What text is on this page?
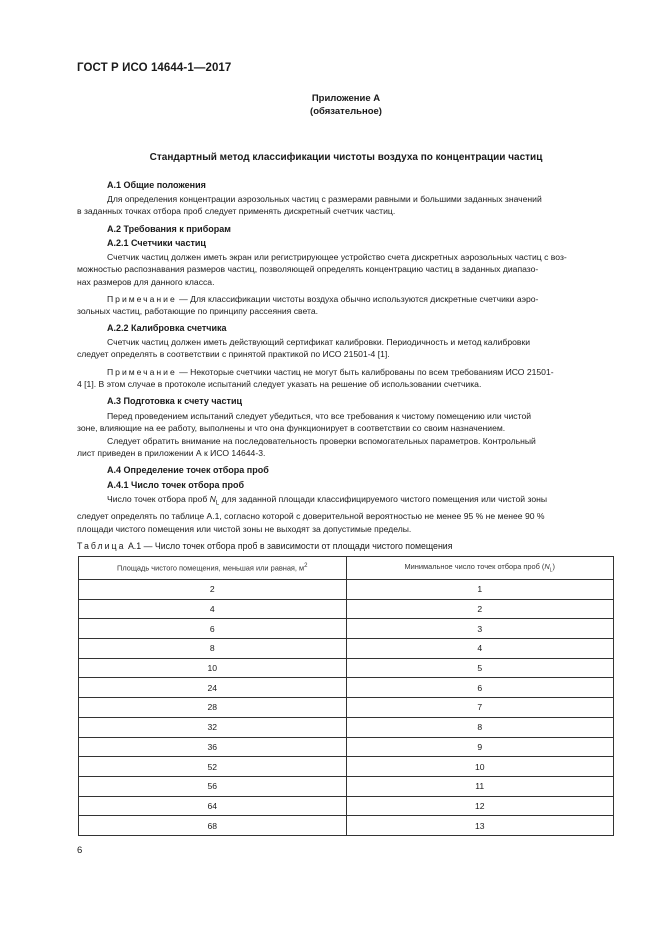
ГОСТ Р ИСО 14644-1—2017
Приложение А
(обязательное)
Стандартный метод классификации чистоты воздуха по концентрации частиц
А.1 Общие положения
Для определения концентрации аэрозольных частиц с размерами равными и большими заданных значений
в заданных точках отбора проб следует применять дискретный счетчик частиц.
А.2 Требования к приборам
А.2.1 Счетчики частиц
Счетчик частиц должен иметь экран или регистрирующее устройство счета дискретных аэрозольных частиц с воз-
можностью распознавания размеров частиц, позволяющей определять концентрацию частиц в заданных диапазо-
нах размеров для данного класса.
Примечание — Для классификации чистоты воздуха обычно используются дискретные счетчики аэро-
зольных частиц, работающие по принципу рассеяния света.
А.2.2 Калибровка счетчика
Счетчик частиц должен иметь действующий сертификат калибровки. Периодичность и метод калибровки
следует определять в соответствии с принятой практикой по ИСО 21501-4 [1].
Примечание — Некоторые счетчики частиц не могут быть калиброваны по всем требованиям ИСО 21501-
4 [1]. В этом случае в протоколе испытаний следует указать на решение об использовании счетчика.
А.3 Подготовка к счету частиц
Перед проведением испытаний следует убедиться, что все требования к чистому помещению или чистой
зоне, влияющие на ее работу, выполнены и что она функционирует в соответствии со своим назначением.
Следует обратить внимание на последовательность проверки вспомогательных параметров. Контрольный
лист приведен в приложении А к ИСО 14644-3.
А.4 Определение точек отбора проб
А.4.1 Число точек отбора проб
Число точек отбора проб $N_L$ для заданной площади классифицируемого чистого помещения или чистой зоны
следует определять по таблице А.1, согласно которой с доверительной вероятностью не менее 95 % не менее 90 %
площади чистого помещения или чистой зоны не выходят за допустимые пределы.
Таблица А.1 — Число точек отбора проб в зависимости от площади чистого помещения
Площадь чистого помещения, меньшая или равная, $м^2$	Минимальное число точек отбора проб $(N_L)$
2	1
4	2
6	3
8	4
10	5
24	6
28	7
32	8
36	9
52	10
56	11
64	12
68	13
6
